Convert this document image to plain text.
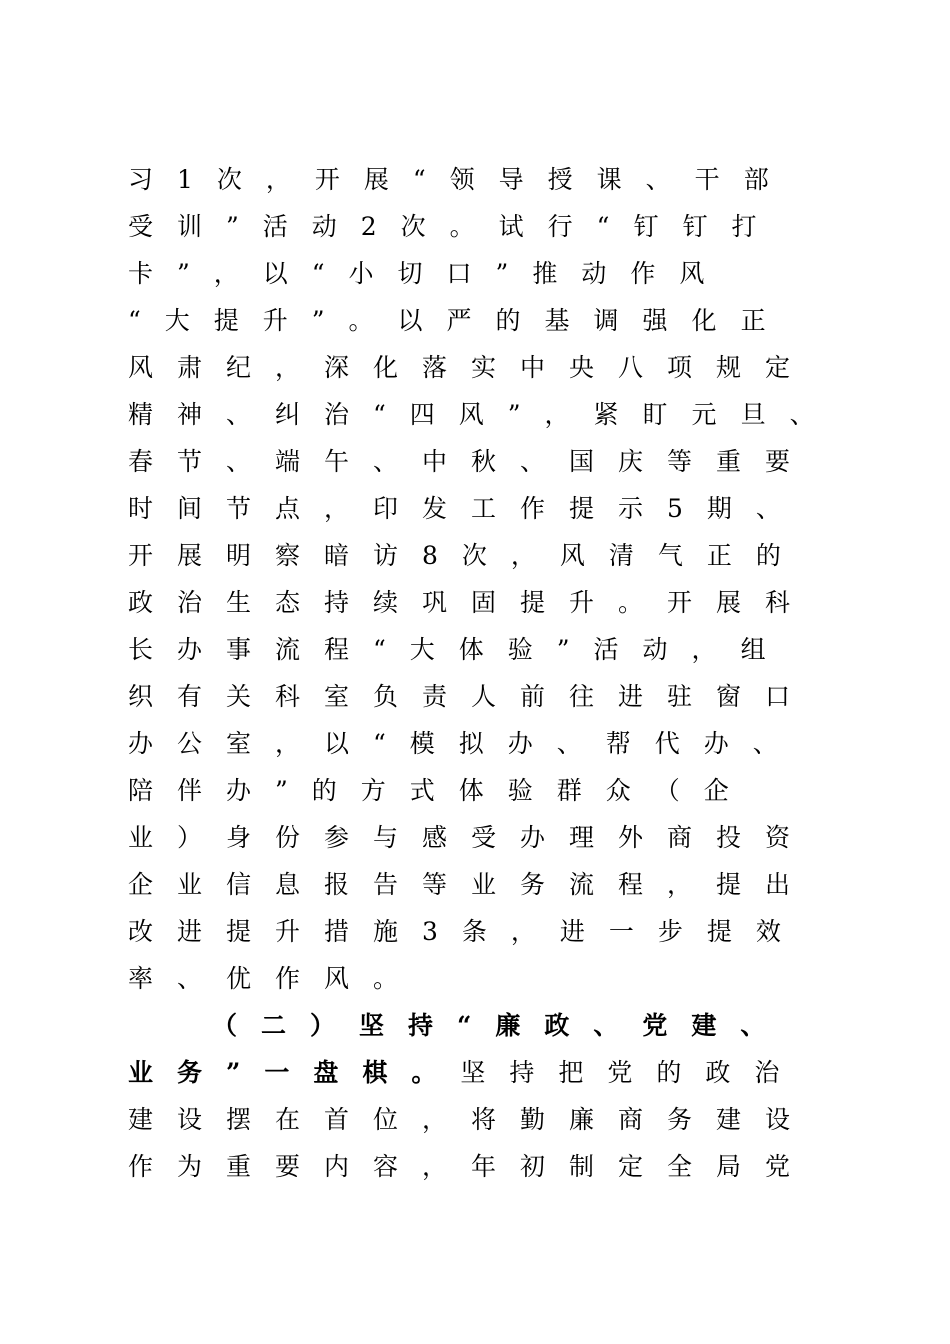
习1次，开展“领导授课、干部
受训”活动2次。试行“钉钉打
卡”，以“小切口”推动作风
“大提升”。以严的基调强化正
风肃纪，深化落实中央八项规定
精神、纠治“四风”，紧盯元旦、
春节、端午、中秋、国庆等重要
时间节点，印发工作提示5期、
开展明察暗访8次，风清气正的
政治生态持续巩固提升。开展科
长办事流程“大体验”活动，组
织有关科室负责人前往进驻窗口
办公室，以“模拟办、帮代办、
陪伴办”的方式体验群众（企
业）身份参与感受办理外商投资
企业信息报告等业务流程，提出
改进提升措施3条，进一步提效
率、优作风。
（二）坚持“廉政、党建、
业务”一盘棋。坚持把党的政治
建设摆在首位，将勤廉商务建设
作为重要内容，年初制定全局党
